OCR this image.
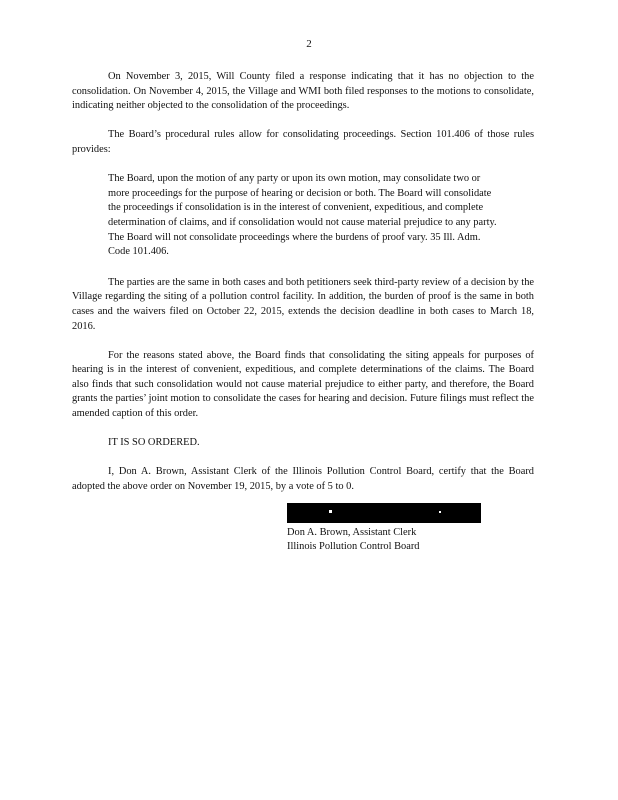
2

On November 3, 2015, Will County filed a response indicating that it has no objection to the consolidation. On November 4, 2015, the Village and WMI both filed responses to the motions to consolidate, indicating neither objected to the consolidation of the proceedings.

The Board’s procedural rules allow for consolidating proceedings. Section 101.406 of those rules provides:

The Board, upon the motion of any party or upon its own motion, may consolidate two or more proceedings for the purpose of hearing or decision or both. The Board will consolidate the proceedings if consolidation is in the interest of convenient, expeditious, and complete determination of claims, and if consolidation would not cause material prejudice to any party. The Board will not consolidate proceedings where the burdens of proof vary. 35 Ill. Adm. Code 101.406.

The parties are the same in both cases and both petitioners seek third-party review of a decision by the Village regarding the siting of a pollution control facility. In addition, the burden of proof is the same in both cases and the waivers filed on October 22, 2015, extends the decision deadline in both cases to March 18, 2016.

For the reasons stated above, the Board finds that consolidating the siting appeals for purposes of hearing is in the interest of convenient, expeditious, and complete determinations of the claims. The Board also finds that such consolidation would not cause material prejudice to either party, and therefore, the Board grants the parties’ joint motion to consolidate the cases for hearing and decision. Future filings must reflect the amended caption of this order.

IT IS SO ORDERED.

I, Don A. Brown, Assistant Clerk of the Illinois Pollution Control Board, certify that the Board adopted the above order on November 19, 2015, by a vote of 5 to 0.

Don A. Brown, Assistant Clerk
Illinois Pollution Control Board
